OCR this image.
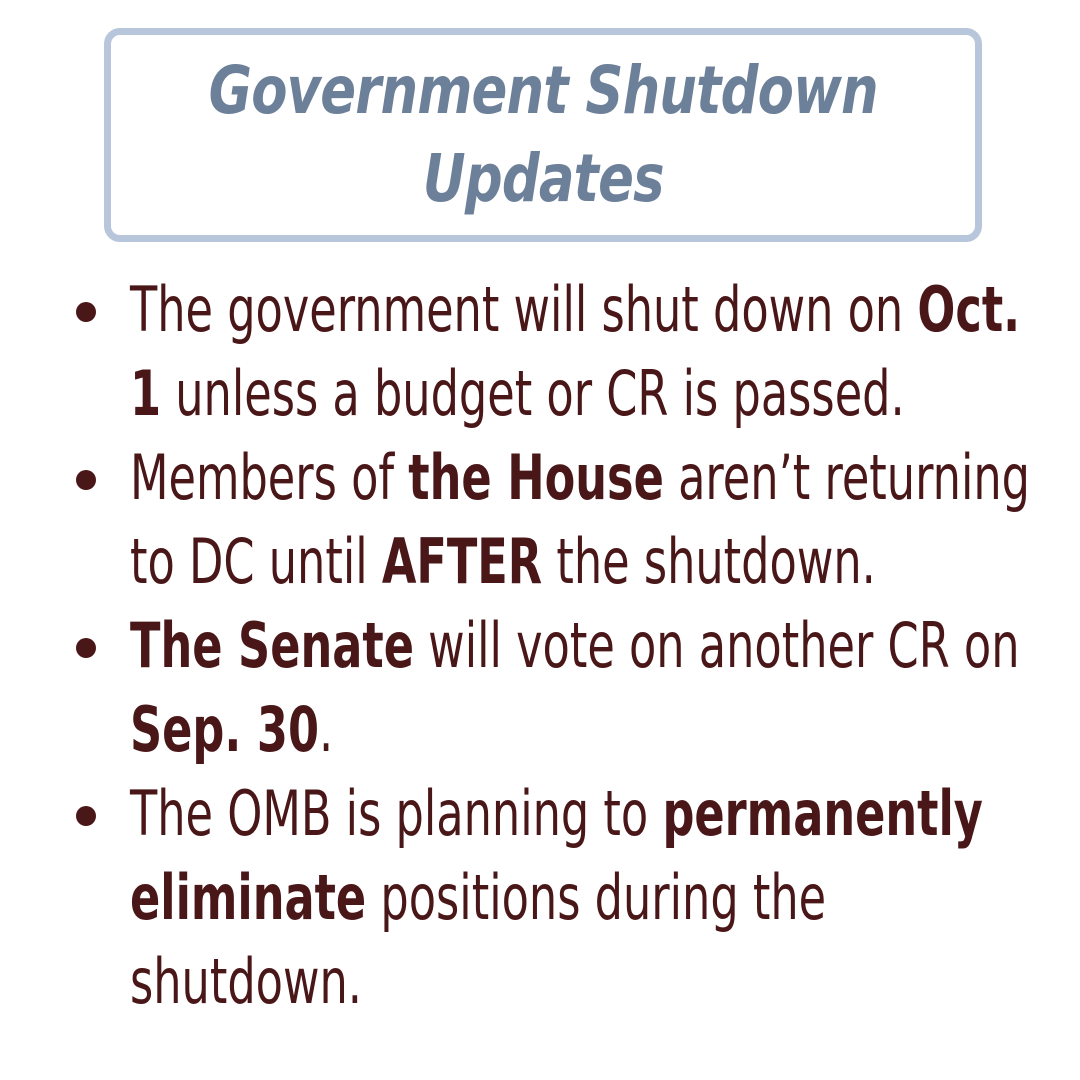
Government Shutdown
Updates
The government will shut down on Oct. 1 unless a budget or CR is passed.
Members of the House aren’t returning to DC until AFTER the shutdown.
The Senate will vote on another CR on Sep. 30.
The OMB is planning to permanently eliminate positions during the shutdown.
